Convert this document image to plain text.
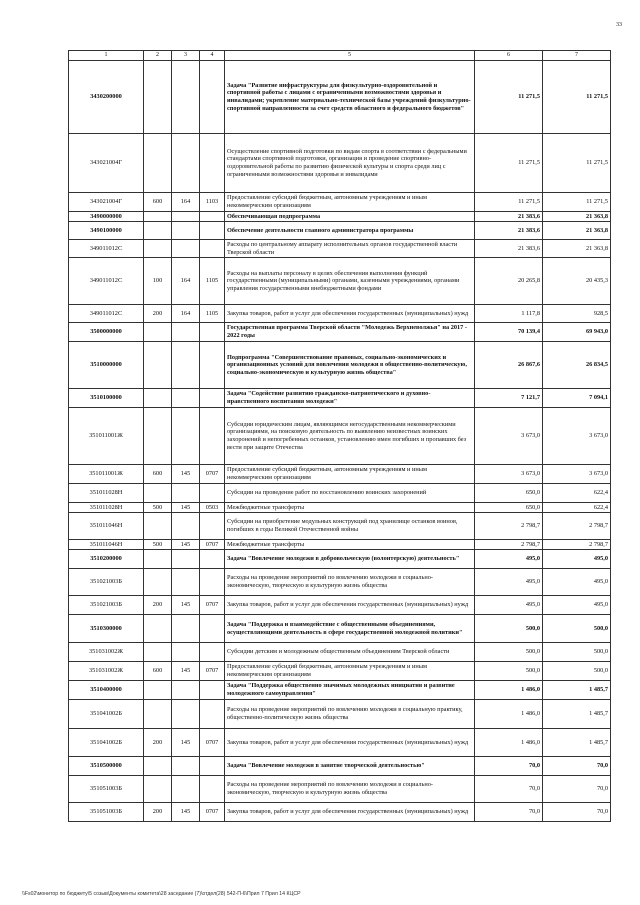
33
1	2	3	4	5	6	7
3430200000				Задача "Развитие инфраструктуры для физкультурно-оздоровительной и спортивной работы с лицами с ограниченными возможностями здоровья и инвалидами; укрепление материально-технической базы учреждений физкультурно-спортивной направленности за счет средств областного и федерального бюджетов"	11 271,5	11 271,5
343021004Г				Осуществление спортивной подготовки по видам спорта в соответствии с федеральными стандартами спортивной подготовки, организация и проведение спортивно-оздоровительной работы по развитию физической культуры и спорта среди лиц с ограниченными возможностями здоровья и инвалидами	11 271,5	11 271,5
343021004Г	600	164	1103	Предоставление субсидий бюджетным, автономным учреждениям и иным некоммерческим организациям	11 271,5	11 271,5
3490000000				Обеспечивающая подпрограмма	21 383,6	21 363,8
3490100000				Обеспечение деятельности главного администратора программы	21 383,6	21 363,8
349011012С				Расходы по центральному аппарату исполнительных органов государственной власти Тверской области	21 383,6	21 363,8
349011012С	100	164	1105	Расходы на выплаты персоналу в целях обеспечения выполнения функций государственными (муниципальными) органами, казенными учреждениями, органами управления государственными внебюджетными фондами	20 265,8	20 435,3
349011012С	200	164	1105	Закупка товаров, работ и услуг для обеспечения государственных (муниципальных) нужд	1 117,8	928,5
3500000000				Государственная программа Тверской области "Молодежь Верхневолжья" на 2017 - 2022 годы	70 139,4	69 943,0
3510000000				Подпрограмма "Совершенствование правовых, социально-экономических и организационных условий для вовлечения молодежи в общественно-политическую, социально-экономическую и культурную жизнь общества"	26 867,6	26 834,5
3510100000				Задача "Содействие развитию гражданско-патриотического и духовно- нравственного воспитания молодежи"	7 121,7	7 094,1
351011001Ж				Субсидии юридическим лицам, являющимся негосударственными некоммерческими организациями, на поисковую деятельность по выявлению неизвестных воинских захоронений и непогребенных останков, установлению имен погибших и пропавших без вести при защите Отечества	3 673,0	3 673,0
351011001Ж	600	145	0707	Предоставление субсидий бюджетным, автономным учреждениям и иным некоммерческим организациям	3 673,0	3 673,0
351011028Н				Субсидии на проведение работ по восстановлению воинских захоронений	650,0	622,4
351011028Н	500	145	0503	Межбюджетные трансферты	650,0	622,4
351011046Н				Субсидии на приобретение модульных конструкций под хранилище останков воинов, погибших в годы Великой Отечественной войны	2 798,7	2 798,7
351011046Н	500	145	0707	Межбюджетные трансферты	2 798,7	2 798,7
3510200000				Задача "Вовлечение молодежи в добровольческую (волонтерскую) деятельность"	495,0	495,0
351021003Б				Расходы на проведение мероприятий по вовлечению молодежи в социально-экономическую, творческую и культурную жизнь общества	495,0	495,0
351021003Б	200	145	0707	Закупка товаров, работ и услуг для обеспечения государственных (муниципальных) нужд	495,0	495,0
3510300000				Задача "Поддержка и взаимодействие с общественными объединениями, осуществляющими деятельность в сфере государственной молодежной политики"	500,0	500,0
351031002Ж				Субсидии детским и молодежным общественным объединениям Тверской области	500,0	500,0
351031002Ж	600	145	0707	Предоставление субсидий бюджетным, автономным учреждениям и иным некоммерческим организациям	500,0	500,0
3510400000				Задача "Поддержка общественно значимых молодежных инициатив и развитие молодежного самоуправления"	1 486,0	1 485,7
351041002Б				Расходы на проведение мероприятий по вовлечению молодежи в социальную практику, общественно-политическую жизнь общества	1 486,0	1 485,7
351041002Б	200	145	0707	Закупка товаров, работ и услуг для обеспечения государственных (муниципальных) нужд	1 486,0	1 485,7
3510500000				Задача "Вовлечение молодежи в занятие творческой деятельностью"	70,0	70,0
351051003Б				Расходы на проведение мероприятий по вовлечению молодежи в социально-экономическую, творческую и культурную жизнь общества	70,0	70,0
351051003Б	200	145	0707	Закупка товаров, работ и услуг для обеспечения государственных (муниципальных) нужд	70,0	70,0
\\Fs02\монитор по бюджету\5 созыв\Документы комитета\28 заседание (7)\отдел(28) 542-П-6\Прил 7 Прил 14 КЦСР
